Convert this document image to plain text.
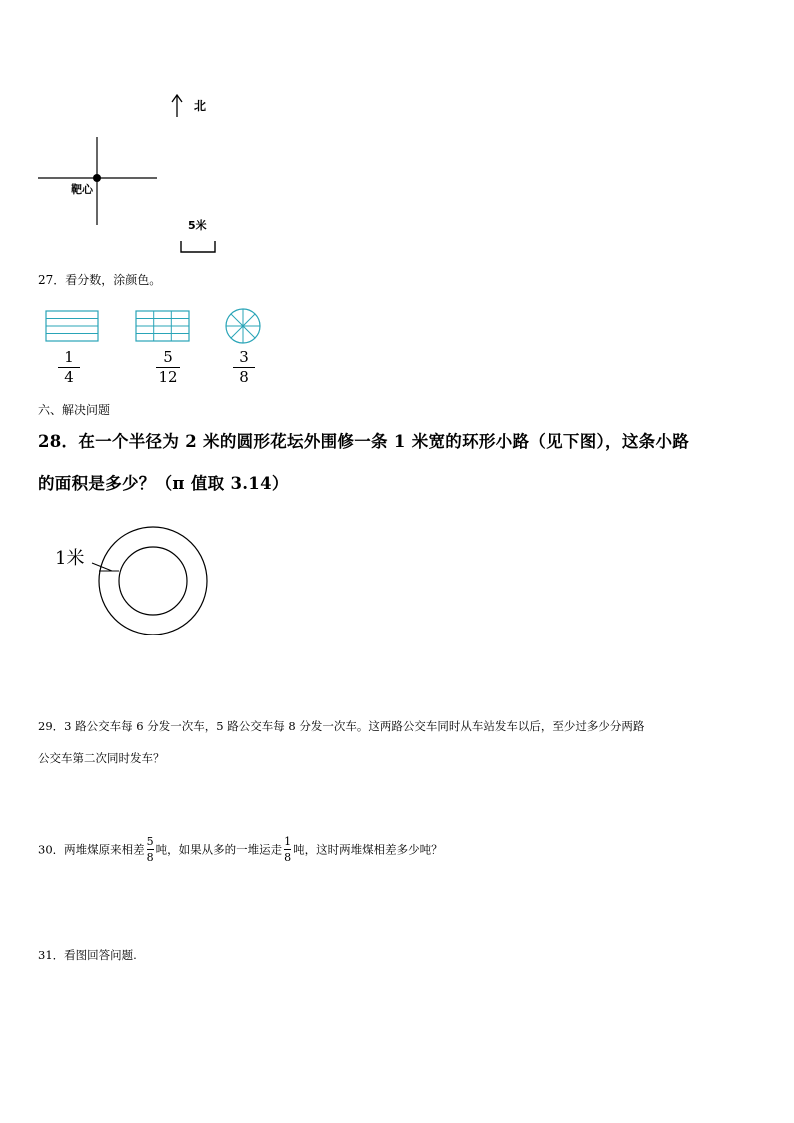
北
靶心
5米
27．看分数，涂颜色。
1
4
5
12
3
8
六、解决问题
28．在一个半径为 2 米的圆形花坛外围修一条 1 米宽的环形小路（见下图），这条小路
的面积是多少？（π 值取 3.14）
1米
29．3 路公交车每 6 分发一次车，5 路公交车每 8 分发一次车。这两路公交车同时从车站发车以后，至少过多少分两路
公交车第二次同时发车？
30．两堆煤原来相差 $\frac{5}{8}$ 吨，如果从多的一堆运走 $\frac{1}{8}$ 吨，这时两堆煤相差多少吨？
31．看图回答问题.
